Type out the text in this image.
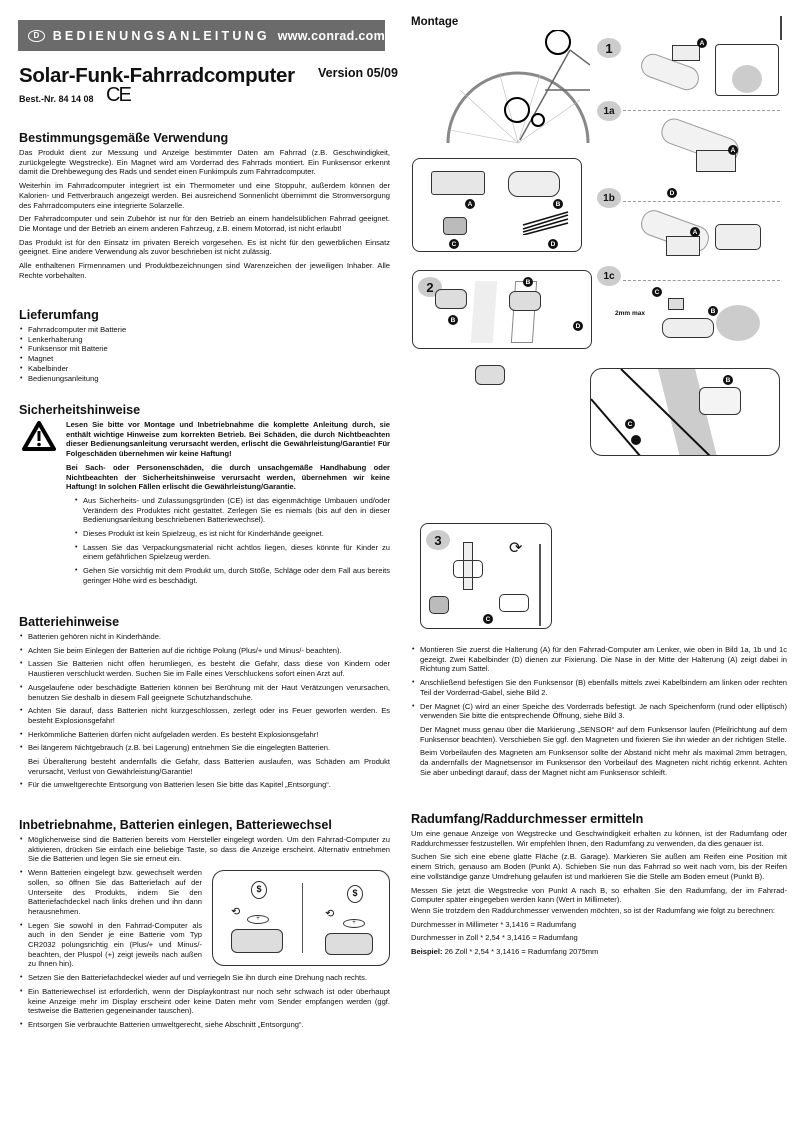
D	BEDIENUNGSANLEITUNG www.conrad.com
Solar-Funk-Fahrradcomputer Version 05/09
Best.-Nr. 84 14 08 CE
Bestimmungsgemäße Verwendung

Das Produkt dient zur Messung und Anzeige bestimmter Daten am Fahrrad (z.B. Geschwindigkeit, zurückgelegte Wegstrecke). Ein Magnet wird am Vorderrad des Fahrrads montiert. Ein Funksensor erkennt damit die Drehbewegung des Rads und sendet einen Funkimpuls zum Fahrradcomputer.

Weiterhin im Fahrradcomputer integriert ist ein Thermometer und eine Stoppuhr, außerdem können der Kalorien- und Fettverbrauch angezeigt werden. Bei ausreichend Sonnenlicht übernimmt die Stromversorgung des Fahrradcomputers eine integrierte Solarzelle.

Der Fahrradcomputer und sein Zubehör ist nur für den Betrieb an einem handelsüblichen Fahrrad geeignet. Die Montage und der Betrieb an einem anderen Fahrzeug, z.B. einem Motorrad, ist nicht erlaubt!

Das Produkt ist für den Einsatz im privaten Bereich vorgesehen. Es ist nicht für den gewerblichen Einsatz geeignet. Eine andere Verwendung als zuvor beschrieben ist nicht zulässig.

Alle enthaltenen Firmennamen und Produktbezeichnungen sind Warenzeichen der jeweiligen Inhaber. Alle Rechte vorbehalten.

Lieferumfang
• Fahrradcomputer mit Batterie
• Lenkerhalterung
• Funksensor mit Batterie
• Magnet
• Kabelbinder
• Bedienungsanleitung
Sicherheitshinweise

Lesen Sie bitte vor Montage und Inbetriebnahme die komplette Anleitung durch, sie enthält wichtige Hinweise zum korrekten Betrieb. Bei Schäden, die durch Nichtbeachten dieser Bedienungsanleitung verursacht werden, erlischt die Gewährleistung/Garantie! Für Folgeschäden übernehmen wir keine Haftung!

Bei Sach- oder Personenschäden, die durch unsachgemäße Handhabung oder Nichtbeachten der Sicherheitshinweise verursacht werden, übernehmen wir keine Haftung! In solchen Fällen erlischt die Gewährleistung/Garantie.

• Aus Sicherheits- und Zulassungsgründen (CE) ist das eigenmächtige Umbauen und/oder Verändern des Produktes nicht gestattet. Zerlegen Sie es niemals (bis auf den in dieser Bedienungsanleitung beschriebenen Batteriewechsel).
• Dieses Produkt ist kein Spielzeug, es ist nicht für Kinderhände geeignet.
• Lassen Sie das Verpackungsmaterial nicht achtlos liegen, dieses könnte für Kinder zu einem gefährlichen Spielzeug werden.
• Gehen Sie vorsichtig mit dem Produkt um, durch Stöße, Schläge oder dem Fall aus bereits geringer Höhe wird es beschädigt.
Batteriehinweise
• Batterien gehören nicht in Kinderhände.
• Achten Sie beim Einlegen der Batterien auf die richtige Polung (Plus/+ und Minus/- beachten).
• Lassen Sie Batterien nicht offen herumliegen, es besteht die Gefahr, dass diese von Kindern oder Haustieren verschluckt werden. Suchen Sie im Falle eines Verschluckens sofort einen Arzt auf.
• Ausgelaufene oder beschädigte Batterien können bei Berührung mit der Haut Verätzungen verursachen, benutzen Sie deshalb in diesem Fall geeignete Schutzhandschuhe.
• Achten Sie darauf, dass Batterien nicht kurzgeschlossen, zerlegt oder ins Feuer geworfen werden. Es besteht Explosionsgefahr!
• Herkömmliche Batterien dürfen nicht aufgeladen werden. Es besteht Explosionsgefahr!
• Bei längerem Nichtgebrauch (z.B. bei Lagerung) entnehmen Sie die eingelegten Batterien.

Bei Überalterung besteht andernfalls die Gefahr, dass Batterien auslaufen, was Schäden am Produkt verursacht, Verlust von Gewährleistung/Garantie!

• Für die umweltgerechte Entsorgung von Batterien lesen Sie bitte das Kapitel „Entsorgung“.
Inbetriebnahme, Batterien einlegen, Batteriewechsel
• Möglicherweise sind die Batterien bereits vom Hersteller eingelegt worden. Um den Fahrrad-Computer zu aktivieren, drücken Sie einfach eine beliebige Taste, so dass die Anzeige erscheint. Alternativ entnehmen Sie die Batterien und legen Sie sie erneut ein.
$	$
+
+
⟲	⟲
• Wenn Batterien eingelegt bzw. gewechselt werden sollen, so öffnen Sie das Batteriefach auf der Unterseite des Produkts, indem Sie den Batteriefachdeckel nach links drehen und ihn dann herausnehmen.
• Legen Sie sowohl in den Fahrrad-Computer als auch in den Sender je eine Batterie vom Typ CR2032 polungsrichtig ein (Plus/+ und Minus/- beachten, der Pluspol (+) zeigt jeweils nach außen zu Ihnen hin).
• Setzen Sie den Batteriefachdeckel wieder auf und verriegeln Sie ihn durch eine Drehung nach rechts.
• Ein Batteriewechsel ist erforderlich, wenn der Displaykontrast nur noch sehr schwach ist oder überhaupt keine Anzeige mehr im Display erscheint oder keine Daten mehr vom Sender empfangen werden (ggf. testweise die Batterien gegeneinander tauschen).
• Entsorgen Sie verbrauchte Batterien umweltgerecht, siehe Abschnitt „Entsorgung“.
Montage
A	B
C	D
2
B
B
D
3	⟳
C
1
1a
1b
1c
A
A
D
A
2mm max
C
B
B
C
• Montieren Sie zuerst die Halterung (A) für den Fahrrad-Computer am Lenker, wie oben in Bild 1a, 1b und 1c gezeigt. Zwei Kabelbinder (D) dienen zur Fixierung. Die Nase in der Mitte der Halterung (A) zeigt dabei in Richtung zum Sattel.
• Anschließend befestigen Sie den Funksensor (B) ebenfalls mittels zwei Kabelbindern am linken oder rechten Teil der Vorderrad-Gabel, siehe Bild 2.
• Der Magnet (C) wird an einer Speiche des Vorderrads befestigt. Je nach Speichenform (rund oder elliptisch) verwenden Sie bitte die entsprechende Öffnung, siehe Bild 3.

Der Magnet muss genau über die Markierung „SENSOR“ auf dem Funksensor laufen (Pfeilrichtung auf dem Funksensor beachten). Verschieben Sie ggf. den Magneten und fixieren Sie ihn wieder an der richtigen Stelle.

Beim Vorbeilaufen des Magneten am Funksensor sollte der Abstand nicht mehr als maximal 2mm betragen, da andernfalls der Magnetsensor im Funksensor den Vorbeilauf des Magneten nicht richtig erkennt. Achten Sie aber unbedingt darauf, dass der Magnet nicht am Funksensor schleift.

Radumfang/Raddurchmesser ermitteln

Um eine genaue Anzeige von Wegstrecke und Geschwindigkeit erhalten zu können, ist der Radumfang oder Raddurchmesser festzustellen. Wir empfehlen Ihnen, den Radumfang zu verwenden, da dies genauer ist.

Suchen Sie sich eine ebene glatte Fläche (z.B. Garage). Markieren Sie außen am Reifen eine Position mit einem Strich, genauso am Boden (Punkt A). Schieben Sie nun das Fahrrad so weit nach vorn, bis der Reifen eine vollständige ganze Umdrehung gelaufen ist und markieren Sie die Stelle am Boden erneut (Punkt B).

Messen Sie jetzt die Wegstrecke von Punkt A nach B, so erhalten Sie den Radumfang, der im Fahrrad-Computer später eingegeben werden kann (Wert in Millimeter).

Wenn Sie trotzdem den Raddurchmesser verwenden möchten, so ist der Radumfang wie folgt zu berechnen:

Durchmesser in Millimeter * 3,1416 = Radumfang

Durchmesser in Zoll * 2,54 * 3,1416 = Radumfang

Beispiel: 26 Zoll * 2,54 * 3,1416 = Radumfang 2075mm
